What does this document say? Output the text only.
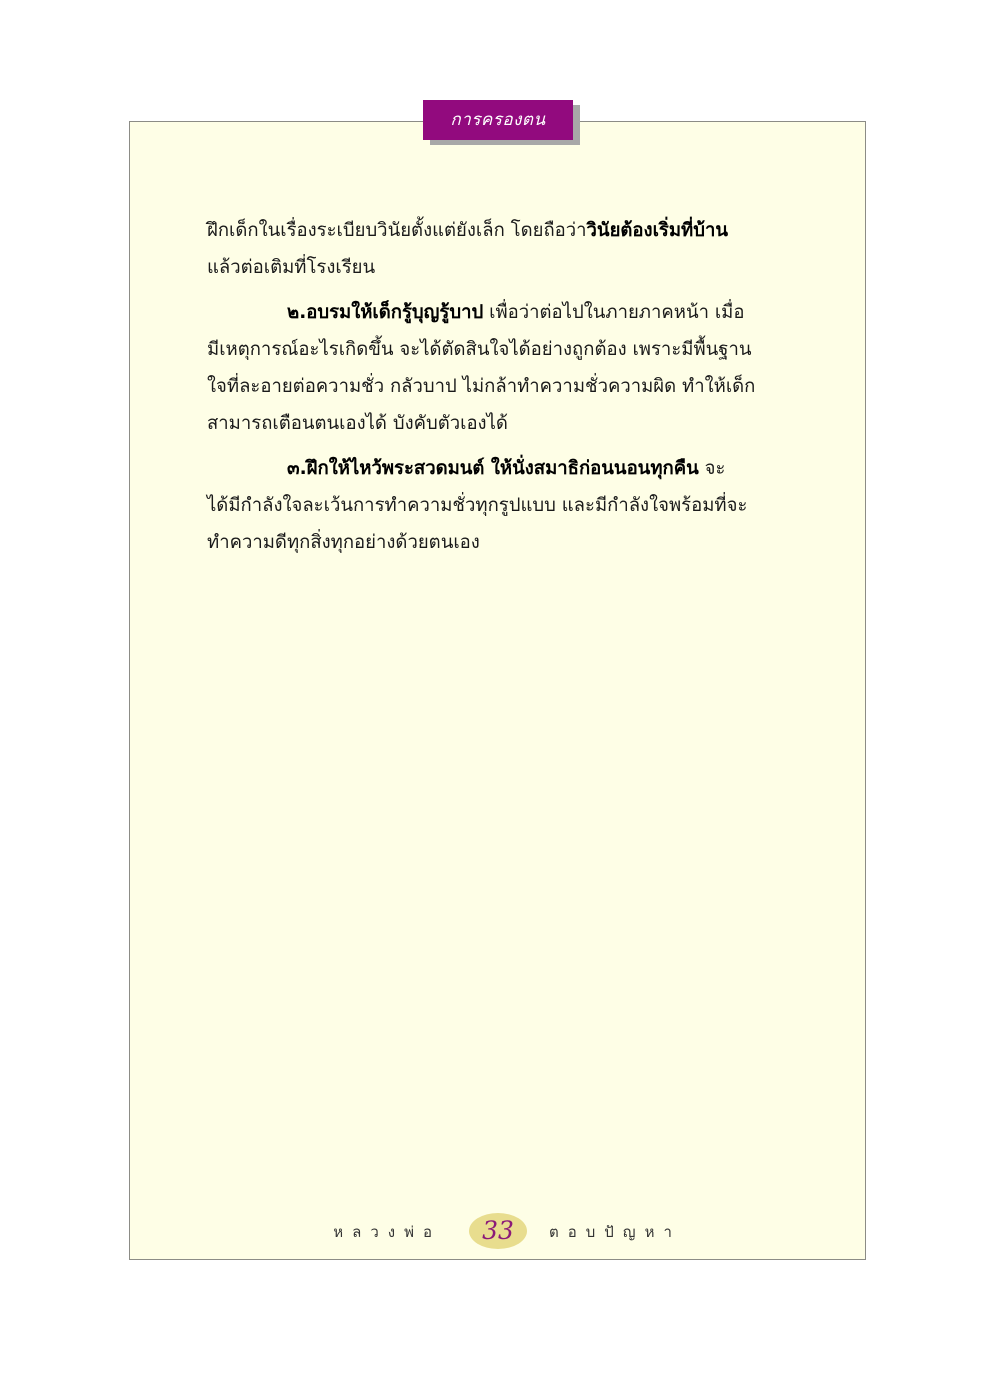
การครองตน
ฝึกเด็กในเรื่องระเบียบวินัยตั้งแต่ยังเล็ก โดยถือว่าวินัยต้องเริ่มที่บ้าน
แล้วต่อเติมที่โรงเรียน
๒.อบรมให้เด็กรู้บุญรู้บาป เพื่อว่าต่อไปในภายภาคหน้า เมื่อ
มีเหตุการณ์อะไรเกิดขึ้น จะได้ตัดสินใจได้อย่างถูกต้อง เพราะมีพื้นฐาน
ใจที่ละอายต่อความชั่ว กลัวบาป ไม่กล้าทำความชั่วความผิด ทำให้เด็ก
สามารถเตือนตนเองได้ บังคับตัวเองได้
๓.ฝึกให้ไหว้พระสวดมนต์ ให้นั่งสมาธิก่อนนอนทุกคืน จะ
ได้มีกำลังใจละเว้นการทำความชั่วทุกรูปแบบ และมีกำลังใจพร้อมที่จะ
ทำความดีทุกสิ่งทุกอย่างด้วยตนเอง
หลวงพ่อ	33	ตอบปัญหา
